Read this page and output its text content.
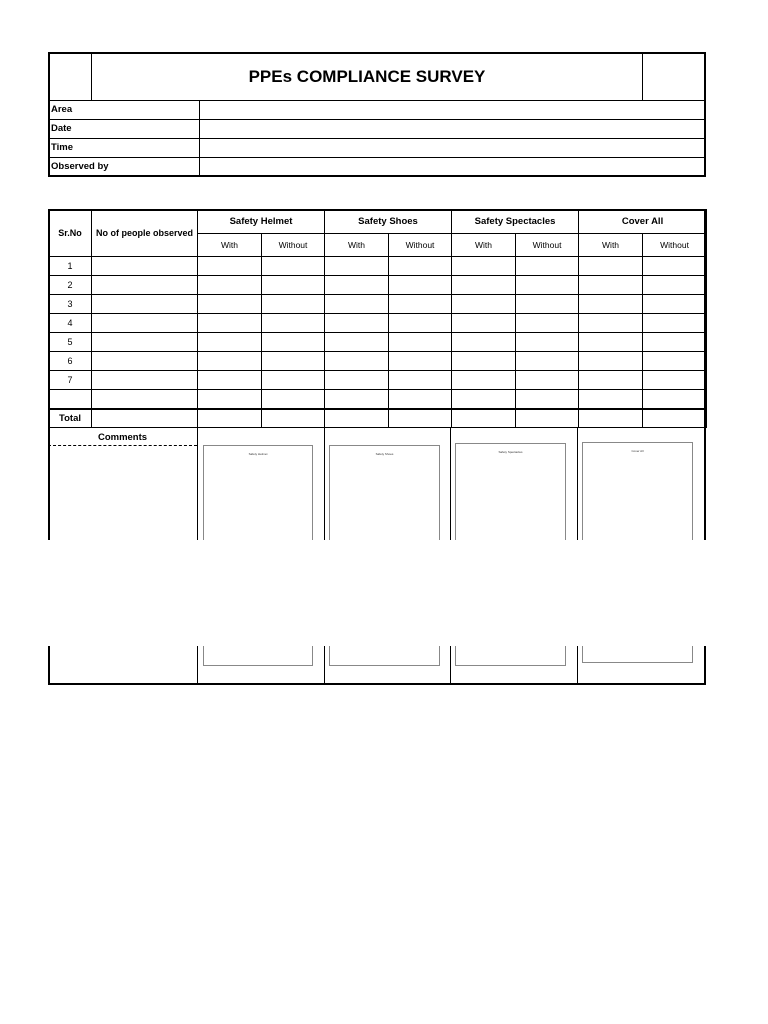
PPEs COMPLIANCE SURVEY
Area
Date
Time
Observed by
Sr.No	No of people observed	Safety Helmet		Safety Shoes		Safety Spectacles		Cover All	
		With	Without	With	Without	With	Without	With	Without
1									
2									
3									
4									
5									
6									
7									

Total									
Comments
Safety Helmet	Safety Shoes	Safety Spectacles	Cover All
